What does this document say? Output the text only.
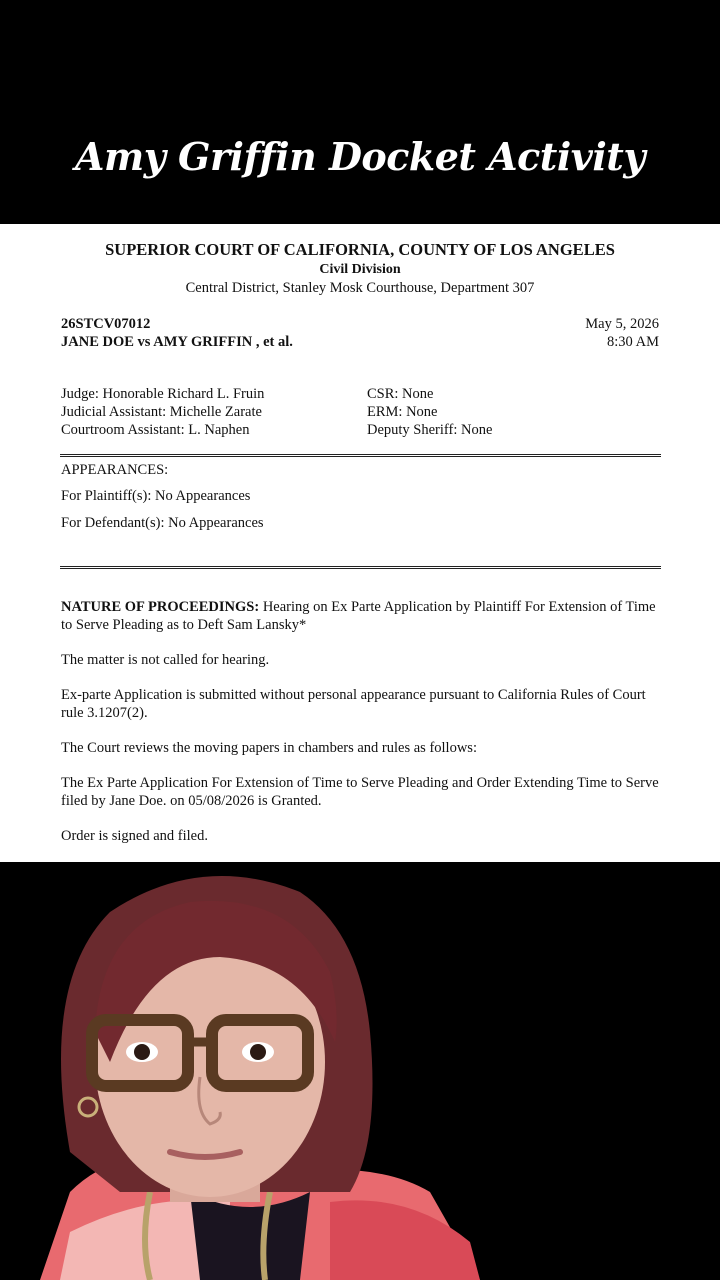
Amy Griffin Docket Activity
SUPERIOR COURT OF CALIFORNIA, COUNTY OF LOS ANGELES
Civil Division
Central District, Stanley Mosk Courthouse, Department 307
26STCV07012
JANE DOE vs AMY GRIFFIN , et al.
May 5, 2026
8:30 AM
Judge: Honorable Richard L. Fruin
Judicial Assistant: Michelle Zarate
Courtroom Assistant: L. Naphen
CSR: None
ERM: None
Deputy Sheriff: None
APPEARANCES:
For Plaintiff(s): No Appearances
For Defendant(s): No Appearances
NATURE OF PROCEEDINGS: Hearing on Ex Parte Application by Plaintiff For Extension of Time to Serve Pleading as to Deft Sam Lansky*
The matter is not called for hearing.
Ex-parte Application is submitted without personal appearance pursuant to California Rules of Court rule 3.1207(2).
The Court reviews the moving papers in chambers and rules as follows:
The Ex Parte Application For Extension of Time to Serve Pleading and Order Extending Time to Serve filed by Jane Doe. on 05/08/2026 is Granted.
Order is signed and filed.
